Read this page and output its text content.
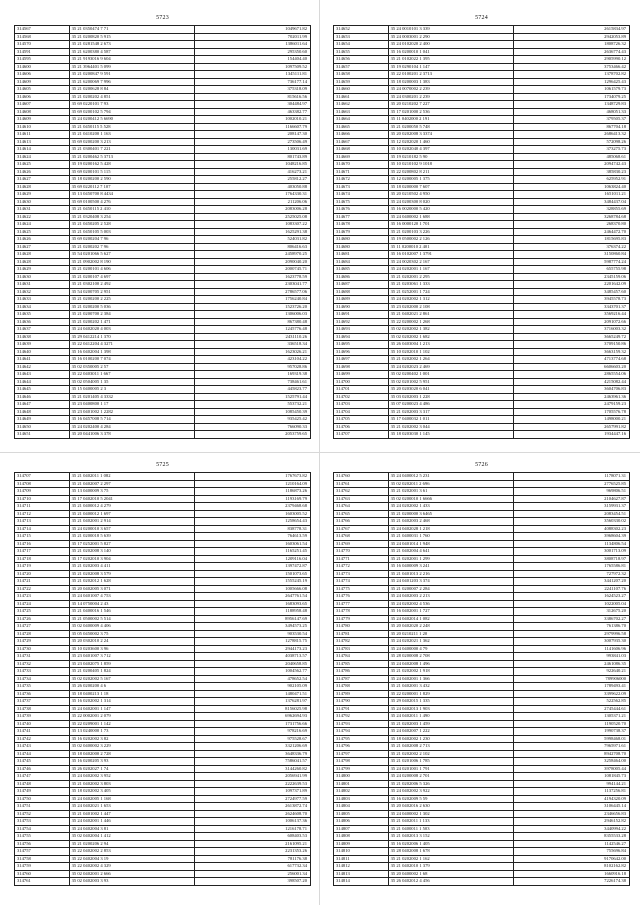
5723
314567	35 21 0350474 7 71	1049671.82
314568	35 21 0200820 5 915	702011.99
314570	35 21 0281548 2 673	1386011.64
314591	35 21 6200380 4 587	295350.60
314595	35 21 9193016 9 604	154404.40
314600	35 21 3964401 5 099	1097509.52
314606	35 21 0200847 9 591	1345111.81
314609	35 21 6200069 7 996	736177.14
314605	35 21 0200628 8 84	375318.09
314606	35 21 0200202 4 851	815616.56
314607	35 69 0220101 7 93	304484.97
314608	35 69 0200102 5 794	463382.77
314609	35 24 0200412 5 6690	1002010.21
314610	35 21 0450115 5 528	1166607.79
314611	35 21 0410200 1 163	208147.30
314613	35 69 0200200 3 213	273506.49
314614	35 21 0300401 7 221	130031.69
314624	35 21 0200462 5 3713	801743.89
314625	35 19 0200162 5 428	1048216.85
314626	35 69 0200101 5 115	416273.21
314627	35 18 0200200 2 590	255812.27
314628	35 69 0220112 7 107	403050.88
314629	35 13 0450700 8 4434	1764330.31
314630	35 69 0100500 4 276	211206.06
314631	35 21 0450115 2 410	2083006.28
314622	35 21 0320408 3 254	2525025.08
314624	35 21 0450205 2 528	1083307.22
314625	35 21 0450105 5 003	1625291.38
314626	35 69 0200204 7 96	524031.82
314627	35 21 0200202 7 96	806416.63
314628	35 54 0201066 5 627	2458970.25
314628	35 21 0902002 8 190	2090040.20
314629	35 21 0200101 4 606	2000745.71
314630	35 21 0200107 4 697	1623778.59
314631	35 21 0302100 2 492	2303041.77
314632	35 54 0200705 2 951	2786577.06
314633	35 21 0200200 2 225	1756240.84
314634	35 21 0200200 5 036	1523726.20
314635	35 21 0200700 2 384	1306006.03
314636	35 21 0200202 1 471	867380.48
314637	35 24 0402020 4 003	1245776.48
314638	35 29 0412214 1 370	2431110.26
314639	35 22 0412204 4 3271	336518.34
314640	35 16 0402004 1 398	1623026.21
314641	35 16 0100200 7 074	423104.22
314642	35 02 0350005 2 57	957028.86
314643	35 22 0403011 1 667	169319.38
314644	35 02 0504005 1 35	738461.61
314645	35 15 0400005 2 3	445823.77
314646	35 21 0201405 4 3332	1525791.44
314647	35 23 0400800 1 17	553732.21
314648	35 23 0401002 1 2282	1085450.39
314649	35 16 0457008 5 714	935425.42
314650	35 24 0202400 4 284	766090.33
314651	35 20 0441006 3 378	2053759.65
5724
314652	35 24 0010101 3 339	2615834.97
314653	35 24 0003001 2 290	2942053.89
314654	35 24 0102020 2 400	1808726.32
314655	35 16 0200010 1 041	2636774.43
314656	35 21 0102022 1 395	2905990.12
314657	35 19 0290104 1 147	3753466.42
314658	35 22 0100201 2 3713	1378702.82
314659	35 18 0200003 1 383	1296425.43
314660	35 24 0070002 2 239	1061579.73
314661	35 24 0300201 2 239	1734079.25
314662	35 20 0210202 7 227	1348729.83
314663	35 17 0201000 2 536	468051.33
314664	35 11 0402000 2 191	379505.37
314665	35 21 0200050 5 748	867704.18
314666	35 20 0202008 3 3374	2686413.32
314667	35 12 0202020 1 460	572098.26
314668	35 10 0202040 4 397	373275.73
314669	35 19 0210182 5 90	485068.61
314670	35 10 0210102 9 1018	2094742.43
314671	35 22 0200802 8 211	385830.23
314672	35 12 0200005 1 375	625952.91
314673	35 18 0200000 7 607	1063824.40
314674	35 20 0210502 4 950	1651011.21
314675	35 24 0200300 8 020	3484437.04
314676	35 16 0020000 5 420	328855.69
314677	35 24 0400002 1 688	3268784.68
314678	35 16 0000120 1 701	268370.80
314679	35 21 0200103 3 226	2464472.70
314680	35 19 0500002 2 126	1815695.83
314680	35 11 0200010 2 401	376374.22
314681	35 16 0102007 1 3791	3150860.84
314684	35 24 0020302 2 167	5987774.24
314685	35 24 0202001 1 167	655755.98
314686	35 21 0202001 2 295	2345159.06
314687	35 21 0203061 1 333	2201642.09
314688	35 21 0252001 1 724	3485457.60
314689	35 24 0202002 1 312	3945578.73
314690	35 23 0202000 2 108	3343701.37
314691	35 21 0402021 2 861	3569216.44
314692	35 22 0200002 1 268	2091072.66
314693	35 02 0202002 1 382	3716003.32
314694	35 02 0202002 1 682	3665249.72
314695	35 26 0403004 1 213	3709150.86
314696	35 10 0202010 1 102	3663159.32
314697	35 21 0202002 1 264	4713774.68
314698	35 24 0202023 2 469	6606603.20
314699	35 02 0200402 1 001	2865554.06
314700	35 02 0201002 5 951	4215082.44
314701	35 20 0203020 6 041	3604706.83
314702	35 03 0202003 1 228	2463961.36
314703	35 07 0200023 4 486	2479159.23
314704	35 21 0202003 3 317	1705576.78
314705	35 17 0400032 1 011	1498000.21
314706	35 21 0202002 3 044	2657991.82
314707	35 18 0203030 1 145	1934447.16
5725
314707	35 21 0402011 1 082	1767673.82
314708	35 21 0402007 2 297	1210164.09
314709	35 13 0400009 3 75	1186873.26
314710	35 17 0402010 5 2041	1193169.79
314711	35 21 0400012 4 279	2379468.68
314712	35 21 0400012 1 697	1603005.52
314713	35 21 0402001 2 914	1258654.43
314714	35 24 0200010 3 657	838778.31
314715	35 21 0200018 5 639	764613.59
314716	35 17 0252001 5 827	1603061.54
314717	35 21 0202008 3 140	1165251.45
314718	35 17 0202010 3 904	1209116.04
314719	35 21 0202003 4 411	1397472.87
314720	35 21 0202008 3 579	1501073.65
314721	35 21 0202012 1 628	1555245.19
314722	35 20 0402005 3 071	1005666.08
314723	35 24 0401007 4 753	2647761.54
314724	35 14 0750004 2 43	1683093.65
314725	35 21 0400016 1 546	1188958.48
314726	35 21 0500002 5 514	8956147.69
314727	35 02 0400009 4 406	3494573.25
314728	35 05 0450002 3 75	903530.54
314729	35 20 0302010 2 24	1278815.75
314730	35 10 0203600 3 96	2944173.23
314731	35 23 0401007 3 712	4038713.57
314732	35 23 0402075 1 859	2040658.85
314733	35 21 0200405 1 824	1004562.77
314734	35 02 0202002 5 167	478652.54
314735	35 26 0200200 4 6	902105.09
314736	35 18 0400213 1 18	1480471.51
314737	35 16 0202002 1 314	1376281.97
314738	35 24 0402001 1 147	8156025.98
314739	35 22 0002001 2 079	6962694.93
314740	35 22 0209001 1 142	1731756.66
314741	35 13 0240000 1 73	978216.69
314742	35 16 0202002 3 82	975528.67
314743	35 02 0400002 3 229	3321206.69
314744	35 18 0402000 2 728	3648336.79
314745	35 16 0200205 3 93	7586041.57
314746	35 26 0202027 1 74	3144260.82
314747	35 24 0402002 3 952	2056941.99
314748	35 21 0402002 3 803	2222639.53
314749	35 18 0202002 3 405	1097371.89
314750	35 24 0402005 1 168	2724977.59
314751	35 24 0402021 1 653	2613872.74
314752	35 21 0401002 1 447	2624608.70
314753	35 24 0402001 1 446	1006137.36
314754	35 24 0402004 3 81	1216178.71
314755	35 02 0402004 1 412	608403.53
314756	35 21 0200206 2 94	2161095.21
314757	35 22 0402002 2 853	2231353.26
314758	35 22 0402004 3 19	781176.38
314759	35 22 0402002 4 329	617732.34
314760	35 02 0402001 2 666	256001.34
314761	35 02 0402003 3 93	398507.20
5726
314760	35 24 0400012 5 231	1178071.31
314761	35 02 0202011 2 696	2776525.85
314762	35 21 0202001 3 61	969806.51
314763	35 02 0200010 1 6666	2104627.87
314764	35 24 0202002 1 433	3159931.37
314765	35 21 0200000 3 6465	2083454.51
314766	35 21 0402003 2 468	3560330.02
314767	35 24 0402028 1 218	4088302.23
314768	35 21 0400031 1 760	3968604.39
314769	35 24 0401014 1 948	1134806.54
314770	35 21 0402004 4 641	3001713.09
314771	35 21 0202001 1 299	3808718.97
314772	35 16 0400009 3 241	1765586.81
314773	35 21 0401013 2 216	727972.32
314774	35 24 0401203 3 374	3441207.20
314775	35 21 0200007 2 284	2241107.76
314776	35 24 0402003 2 213	1624523.27
314777	35 24 0202002 4 536	1022005.04
314778	35 16 0402001 1 727	312675.20
314779	35 24 0402014 1 082	3386702.27
314780	35 20 0402020 2 248	761386.70
314781	35 20 0210211 1 20	2979996.58
314782	35 24 0202021 1 362	3007935.30
314783	35 24 0400000 4 79	1141606.96
314784	35 28 0200008 2 708	993841.03
314785	35 24 0402008 1 496	2461086.35
314786	35 21 0202002 1 918	922640.21
314787	35 24 0402001 1 366	789906000
314788	35 21 0402001 3 432	1789493.41
314789	35 22 0200001 1 829	3399622.09
314790	35 29 0402015 1 335	522562.85
314791	35 24 0402013 1 903	2745444.61
314792	35 24 0402011 1 490	1305371.21
314793	35 21 0202003 1 459	1190520.70
314794	35 24 0402007 1 222	1990738.37
314795	35 18 0402002 1 230	5998468.01
314796	35 21 0402008 2 713	7965971.61
314797	35 21 0202002 2 102	8942708.70
314798	35 21 0201006 1 785	3258464.00
314799	35 24 0201001 1 791	3978005.44
314800	35 24 0200008 2 701	1081845.73
314801	35 21 0202006 5 326	994144.21
314802	35 24 0402002 3 922	1137256.81
314803	35 16 0202009 5 59	4194320.09
314804	35 20 0402016 2 630	3106445.14
314805	35 24 0400002 1 302	2346656.83
314806	35 21 0402011 1 133	2946152.82
314807	35 21 0400011 1 503	3440994.22
314808	35 21 0402013 3 152	8355533.28
314809	35 16 0202006 1 405	1142546.27
314810	35 28 0402008 1 678	755696.84
314811	35 21 0202002 1 162	9170642.00
314812	35 21 0402010 1 379	8102162.82
314813	35 20 0400002 1 68	1660916.18
314814	35 26 0402012 4 456	7226174.38
